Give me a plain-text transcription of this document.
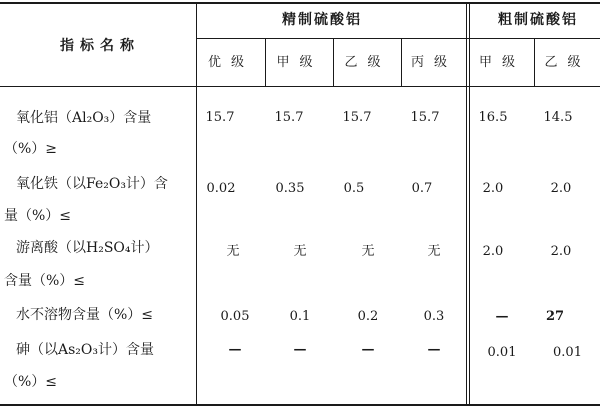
指标名称
精制硫酸铝	粗制硫酸铝
优级	甲级	乙级	丙级	甲级	乙级
氧化铝（Al₂O₃）含量
（%）≥
15.7	15.7	15.7	15.7	16.5	14.5
氧化铁（以Fe₂O₃计）含
量（%）≤
0.02	0.35	0.5	0.7	2.0	2.0
游离酸（以H₂SO₄计）
含量（%）≤
无	无	无	无	2.0	2.0
水不溶物含量（%）≤	0.05	0.1	0.2	0.3	—	27
砷（以As₂O₃计）含量
（%）≤
—	—	—	—	0.01	0.01
